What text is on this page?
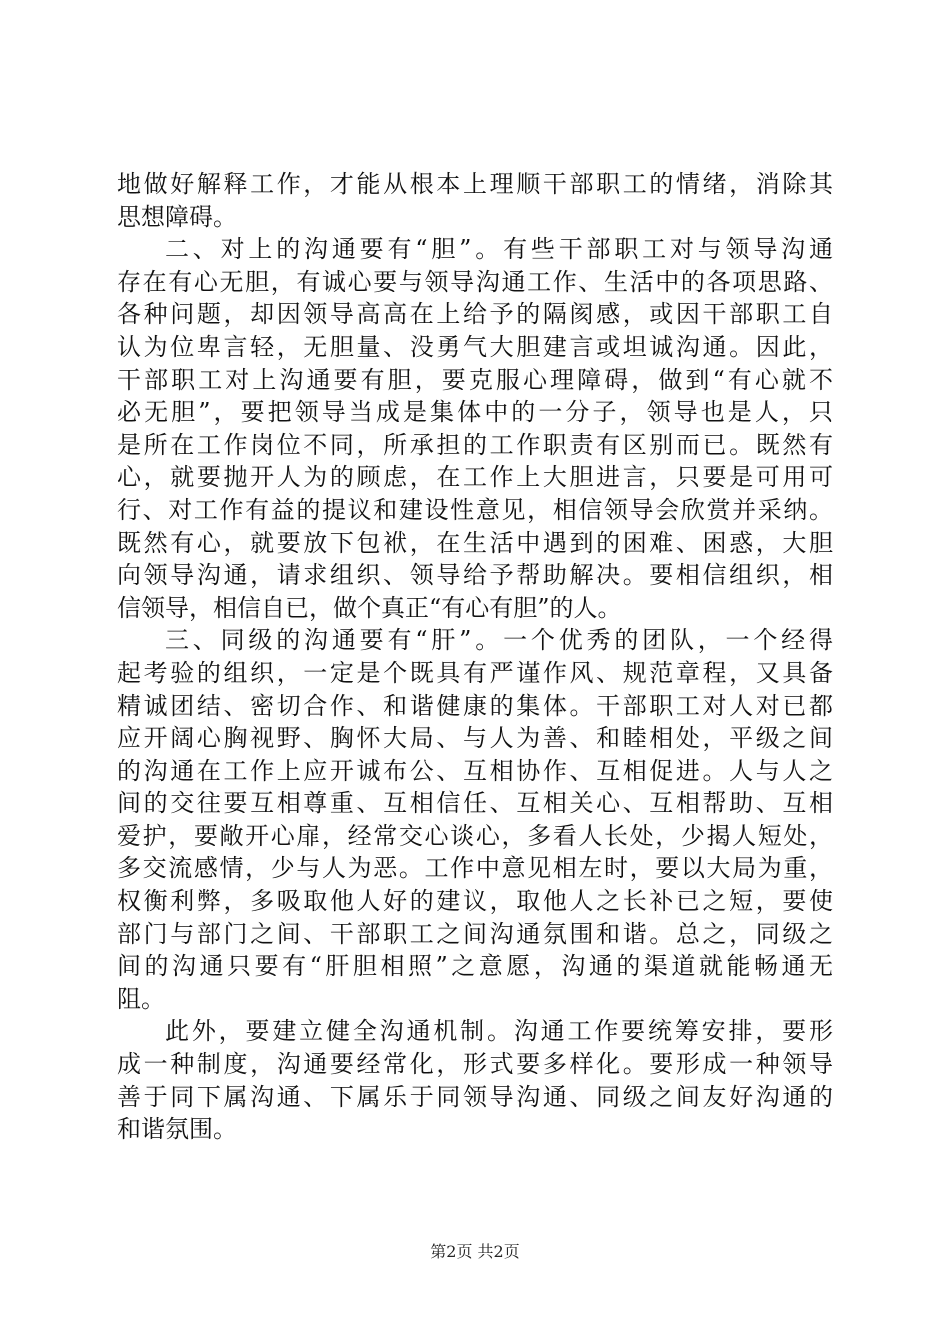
地做好解释工作，才能从根本上理顺干部职工的情绪，消除其
思想障碍。
二、对上的沟通要有“胆”。有些干部职工对与领导沟通
存在有心无胆，有诚心要与领导沟通工作、生活中的各项思路、
各种问题，却因领导高高在上给予的隔阂感，或因干部职工自
认为位卑言轻，无胆量、没勇气大胆建言或坦诚沟通。因此，
干部职工对上沟通要有胆，要克服心理障碍，做到“有心就不
必无胆”，要把领导当成是集体中的一分子，领导也是人，只
是所在工作岗位不同，所承担的工作职责有区别而已。既然有
心，就要抛开人为的顾虑，在工作上大胆进言，只要是可用可
行、对工作有益的提议和建设性意见，相信领导会欣赏并采纳。
既然有心，就要放下包袱，在生活中遇到的困难、困惑，大胆
向领导沟通，请求组织、领导给予帮助解决。要相信组织，相
信领导，相信自已，做个真正“有心有胆”的人。
三、同级的沟通要有“肝”。一个优秀的团队，一个经得
起考验的组织，一定是个既具有严谨作风、规范章程，又具备
精诚团结、密切合作、和谐健康的集体。干部职工对人对已都
应开阔心胸视野、胸怀大局、与人为善、和睦相处，平级之间
的沟通在工作上应开诚布公、互相协作、互相促进。人与人之
间的交往要互相尊重、互相信任、互相关心、互相帮助、互相
爱护，要敞开心扉，经常交心谈心，多看人长处，少揭人短处，
多交流感情，少与人为恶。工作中意见相左时，要以大局为重，
权衡利弊，多吸取他人好的建议，取他人之长补已之短，要使
部门与部门之间、干部职工之间沟通氛围和谐。总之，同级之
间的沟通只要有“肝胆相照”之意愿，沟通的渠道就能畅通无
阻。
此外，要建立健全沟通机制。沟通工作要统筹安排，要形
成一种制度，沟通要经常化，形式要多样化。要形成一种领导
善于同下属沟通、下属乐于同领导沟通、同级之间友好沟通的
和谐氛围。
第2页 共2页
